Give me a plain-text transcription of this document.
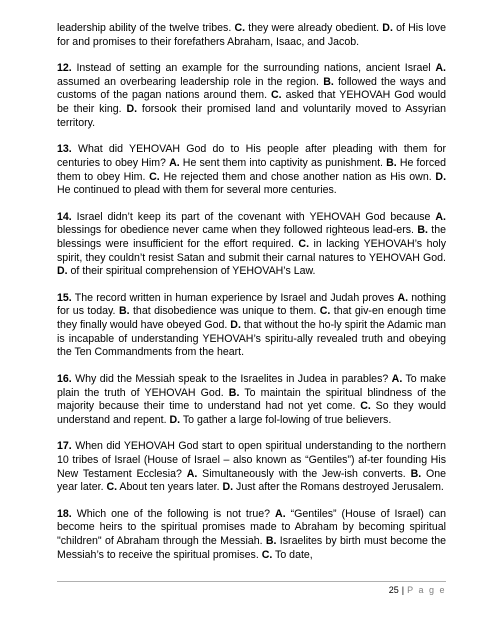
leadership ability of the twelve tribes. C. they were already obedient. D. of His love for and promises to their forefathers Abraham, Isaac, and Jacob.

12. Instead of setting an example for the surrounding nations, ancient Israel A. assumed an overbearing leadership role in the region. B. followed the ways and customs of the pagan nations around them. C. asked that YEHOVAH God would be their king. D. forsook their promised land and voluntarily moved to Assyrian territory.

13. What did YEHOVAH God do to His people after pleading with them for centuries to obey Him? A. He sent them into captivity as punishment. B. He forced them to obey Him. C. He rejected them and chose another nation as His own. D. He continued to plead with them for several more centuries.

14. Israel didn’t keep its part of the covenant with YEHOVAH God because A. blessings for obedience never came when they followed righteous lead-ers. B. the blessings were insufficient for the effort required. C. in lacking YEHOVAH’s holy spirit, they couldn’t resist Satan and submit their carnal natures to YEHOVAH God. D. of their spiritual comprehension of YEHOVAH’s Law.

15. The record written in human experience by Israel and Judah proves A. nothing for us today. B. that disobedience was unique to them. C. that giv-en enough time they finally would have obeyed God. D. that without the ho-ly spirit the Adamic man is incapable of understanding YEHOVAH’s spiritu-ally revealed truth and obeying the Ten Commandments from the heart.

16. Why did the Messiah speak to the Israelites in Judea in parables? A. To make plain the truth of YEHOVAH God. B. To maintain the spiritual blindness of the majority because their time to understand had not yet come. C. So they would understand and repent. D. To gather a large fol-lowing of true believers.

17. When did YEHOVAH God start to open spiritual understanding to the northern 10 tribes of Israel (House of Israel – also known as “Gentiles”) af-ter founding His New Testament Ecclesia? A. Simultaneously with the Jew-ish converts. B. One year later. C. About ten years later. D. Just after the Romans destroyed Jerusalem.

18. Which one of the following is not true? A. “Gentiles” (House of Israel) can become heirs to the spiritual promises made to Abraham by becoming spiritual "children" of Abraham through the Messiah. B. Israelites by birth must become the Messiah’s to receive the spiritual promises. C. To date,

25 | P a g e
